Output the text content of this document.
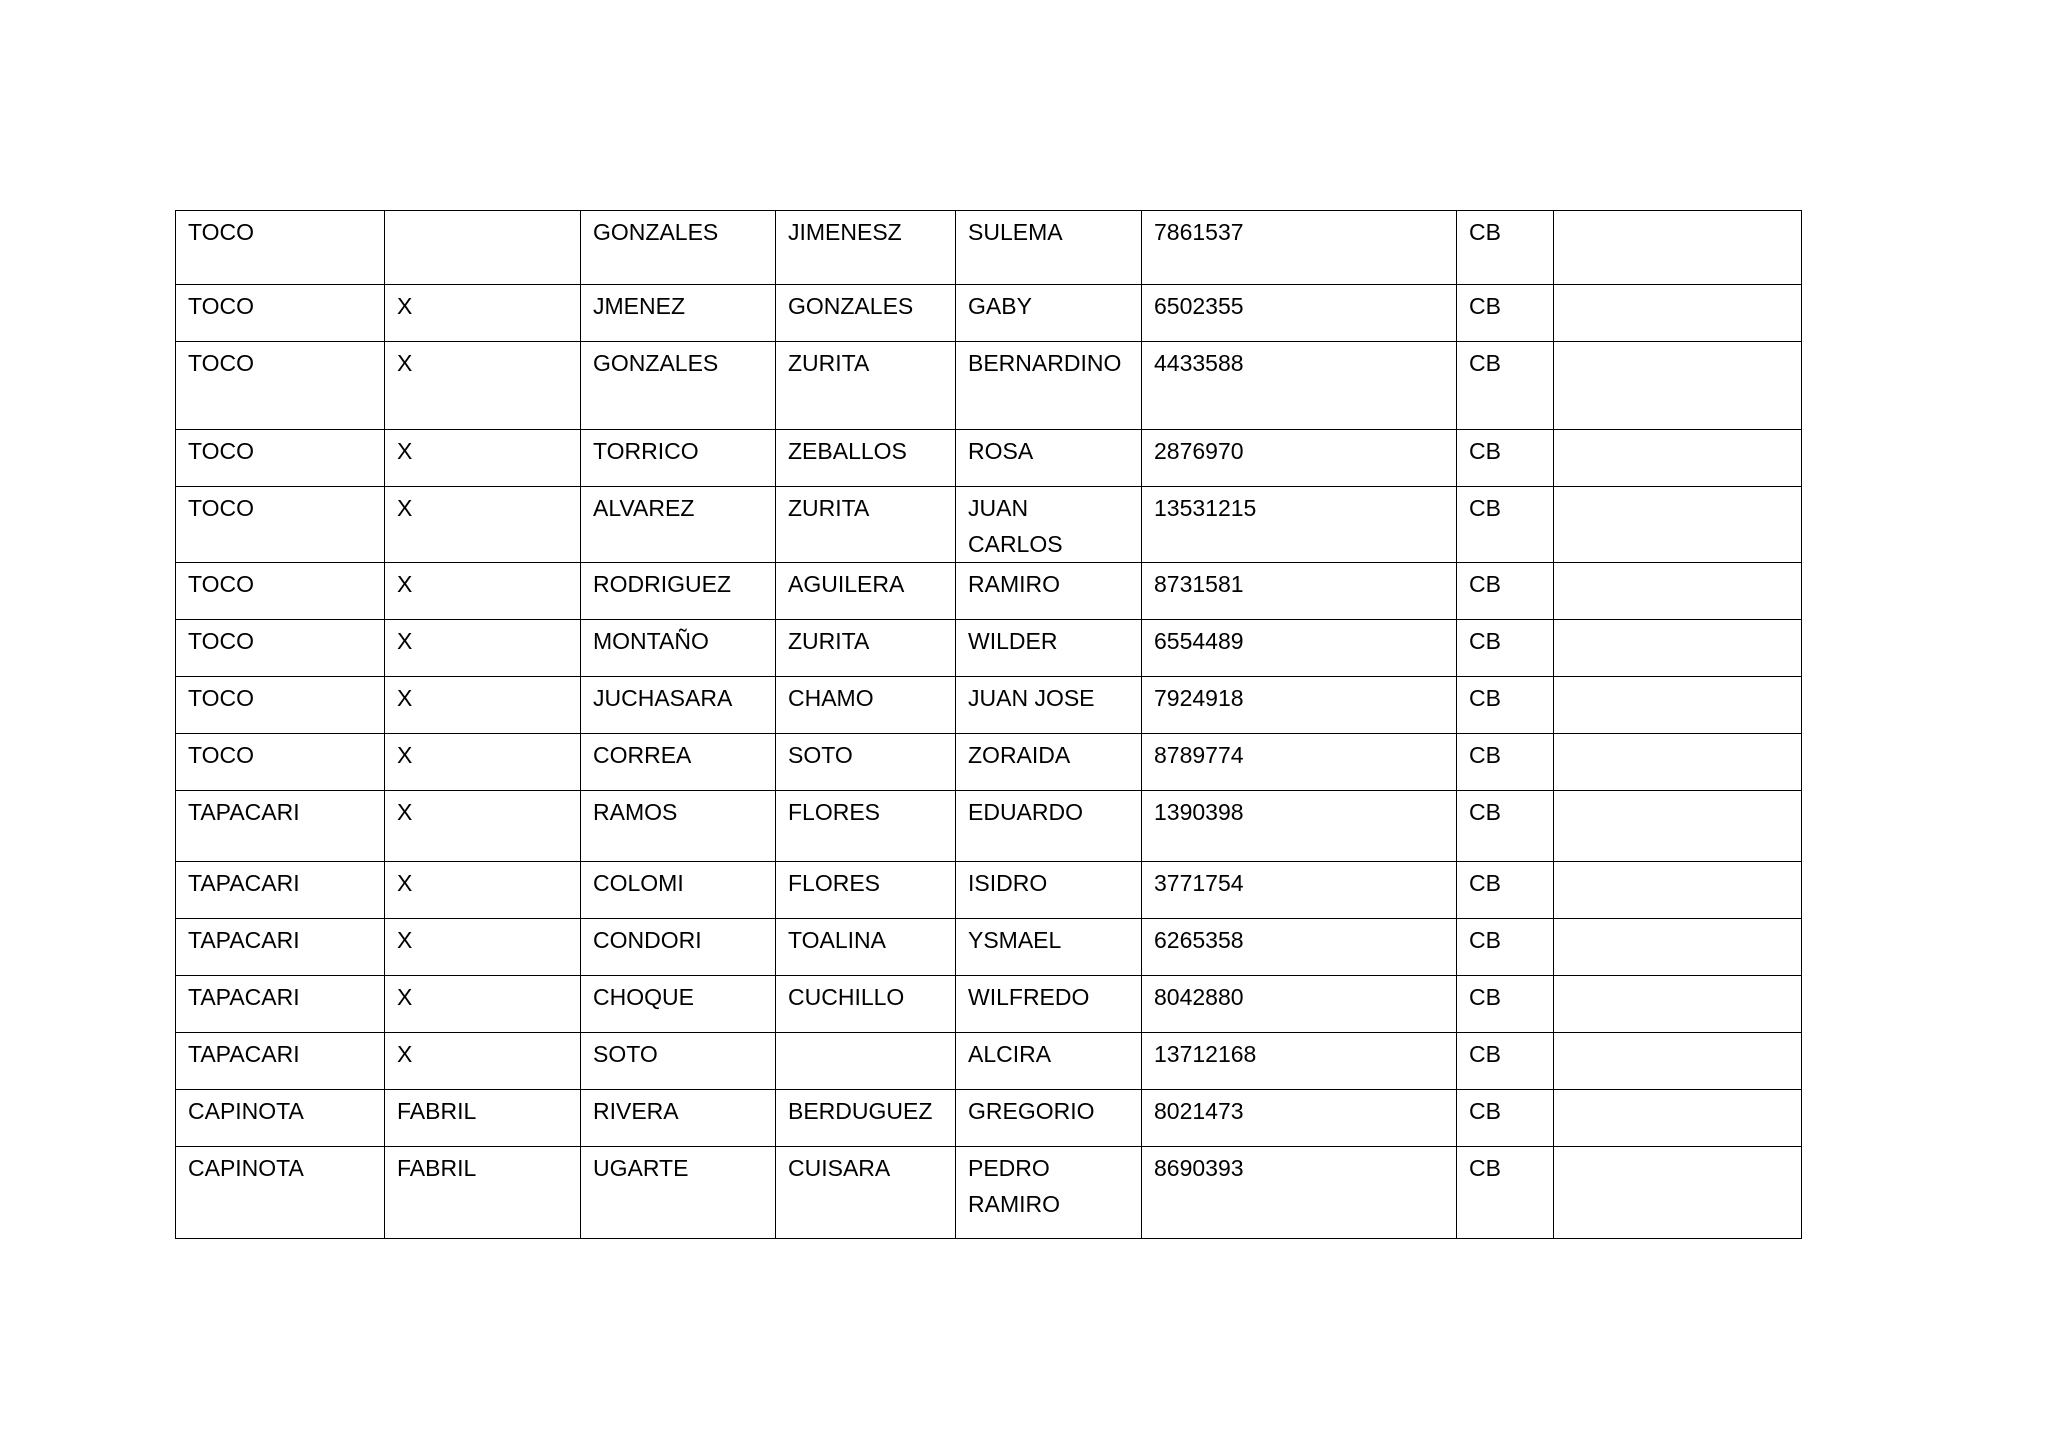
TOCO		GONZALES	JIMENESZ	SULEMA	7861537	CB	
TOCO	X	JMENEZ	GONZALES	GABY	6502355	CB	
TOCO	X	GONZALES	ZURITA	BERNARDINO	4433588	CB	
TOCO	X	TORRICO	ZEBALLOS	ROSA	2876970	CB	
TOCO	X	ALVAREZ	ZURITA	JUAN CARLOS	13531215	CB	
TOCO	X	RODRIGUEZ	AGUILERA	RAMIRO	8731581	CB	
TOCO	X	MONTAÑO	ZURITA	WILDER	6554489	CB	
TOCO	X	JUCHASARA	CHAMO	JUAN JOSE	7924918	CB	
TOCO	X	CORREA	SOTO	ZORAIDA	8789774	CB	
TAPACARI	X	RAMOS	FLORES	EDUARDO	1390398	CB	
TAPACARI	X	COLOMI	FLORES	ISIDRO	3771754	CB	
TAPACARI	X	CONDORI	TOALINA	YSMAEL	6265358	CB	
TAPACARI	X	CHOQUE	CUCHILLO	WILFREDO	8042880	CB	
TAPACARI	X	SOTO		ALCIRA	13712168	CB	
CAPINOTA	FABRIL	RIVERA	BERDUGUEZ	GREGORIO	8021473	CB	
CAPINOTA	FABRIL	UGARTE	CUISARA	PEDRO RAMIRO	8690393	CB	
